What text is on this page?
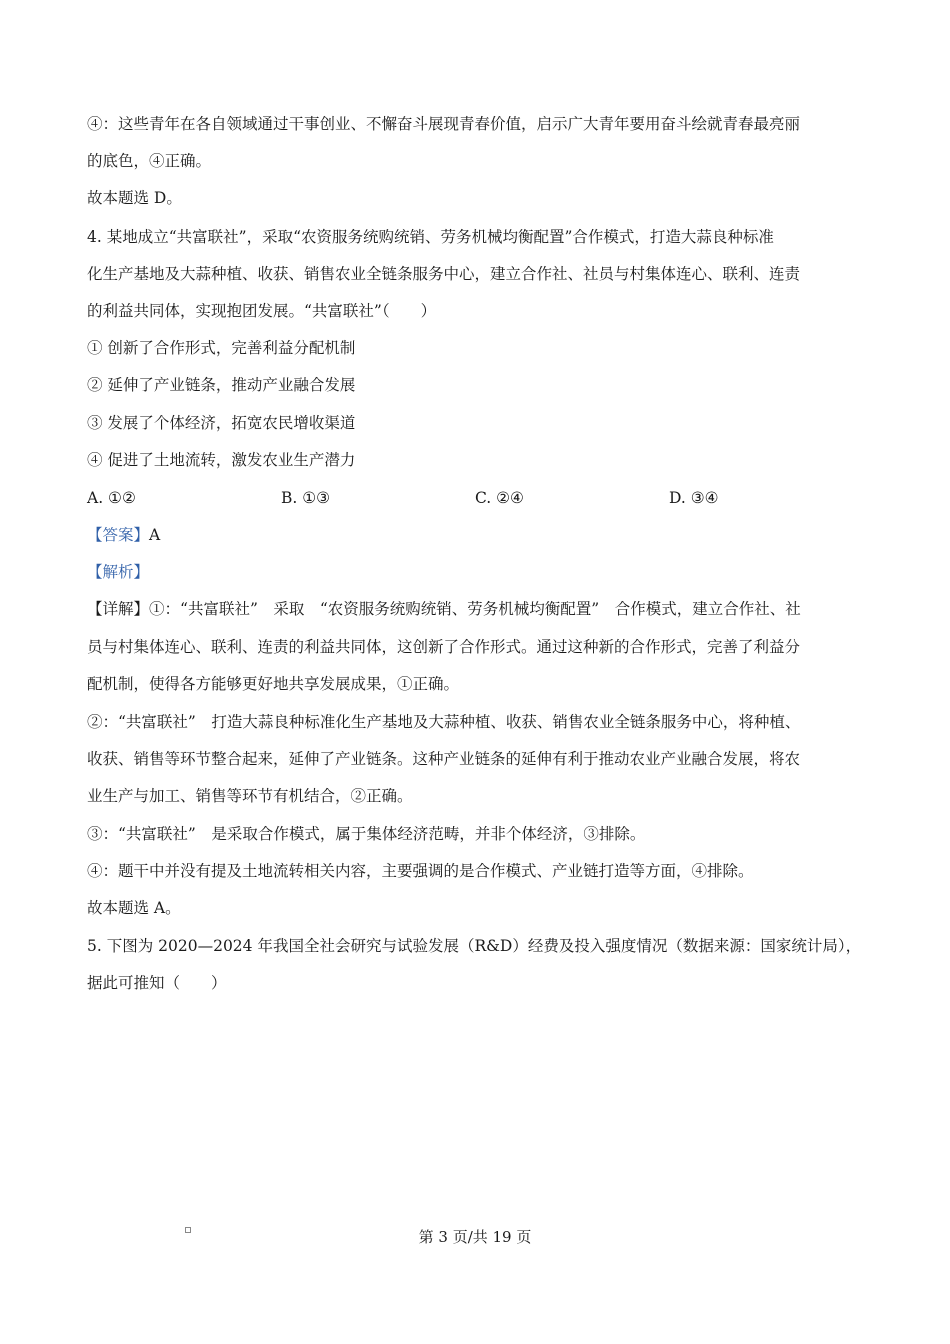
④：这些青年在各自领域通过干事创业、不懈奋斗展现青春价值，启示广大青年要用奋斗绘就青春最亮丽
的底色，④正确。
故本题选 D。
4. 某地成立“共富联社”，采取“农资服务统购统销、劳务机械均衡配置”合作模式，打造大蒜良种标准
化生产基地及大蒜种植、收获、销售农业全链条服务中心，建立合作社、社员与村集体连心、联利、连责
的利益共同体，实现抱团发展。“共富联社”（　　）
① 创新了合作形式，完善利益分配机制
② 延伸了产业链条，推动产业融合发展
③ 发展了个体经济，拓宽农民增收渠道
④ 促进了土地流转，激发农业生产潜力
A. ①②	B. ①③	C. ②④	D. ③④
【答案】A
【解析】
【详解】①：“共富联社”　采取　“农资服务统购统销、劳务机械均衡配置”　合作模式，建立合作社、社
员与村集体连心、联利、连责的利益共同体，这创新了合作形式。通过这种新的合作形式，完善了利益分
配机制，使得各方能够更好地共享发展成果，①正确。
②：“共富联社”　打造大蒜良种标准化生产基地及大蒜种植、收获、销售农业全链条服务中心，将种植、
收获、销售等环节整合起来，延伸了产业链条。这种产业链条的延伸有利于推动农业产业融合发展，将农
业生产与加工、销售等环节有机结合，②正确。
③：“共富联社”　是采取合作模式，属于集体经济范畴，并非个体经济，③排除。
④：题干中并没有提及土地流转相关内容，主要强调的是合作模式、产业链打造等方面，④排除。
故本题选 A。
5. 下图为 2020—2024 年我国全社会研究与试验发展（R&D）经费及投入强度情况（数据来源：国家统计局），
据此可推知（　　）
第 3 页/共 19 页
